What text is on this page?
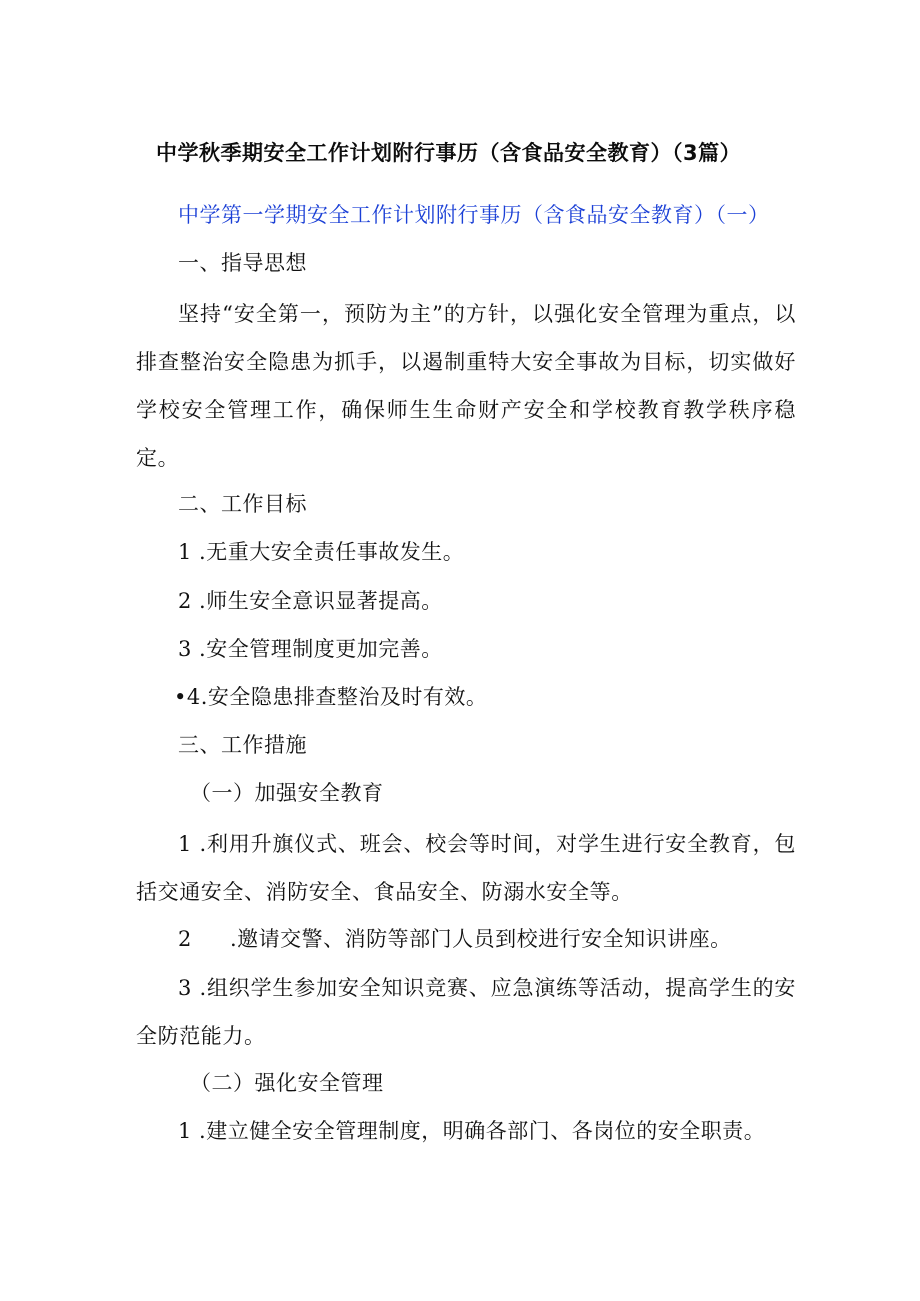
中学秋季期安全工作计划附行事历（含食品安全教育）（3篇）
中学第一学期安全工作计划附行事历（含食品安全教育）（一）
一、指导思想
坚持“安全第一，预防为主”的方针，以强化安全管理为重点，以排查整治安全隐患为抓手，以遏制重特大安全事故为目标，切实做好学校安全管理工作，确保师生生命财产安全和学校教育教学秩序稳定。
二、工作目标
1 .无重大安全责任事故发生。
2 .师生安全意识显著提高。
3 .安全管理制度更加完善。
•4.安全隐患排查整治及时有效。
三、工作措施
（一）加强安全教育
1 .利用升旗仪式、班会、校会等时间，对学生进行安全教育，包括交通安全、消防安全、食品安全、防溺水安全等。
2 .邀请交警、消防等部门人员到校进行安全知识讲座。
3 .组织学生参加安全知识竞赛、应急演练等活动，提高学生的安全防范能力。
（二）强化安全管理
1 .建立健全安全管理制度，明确各部门、各岗位的安全职责。
